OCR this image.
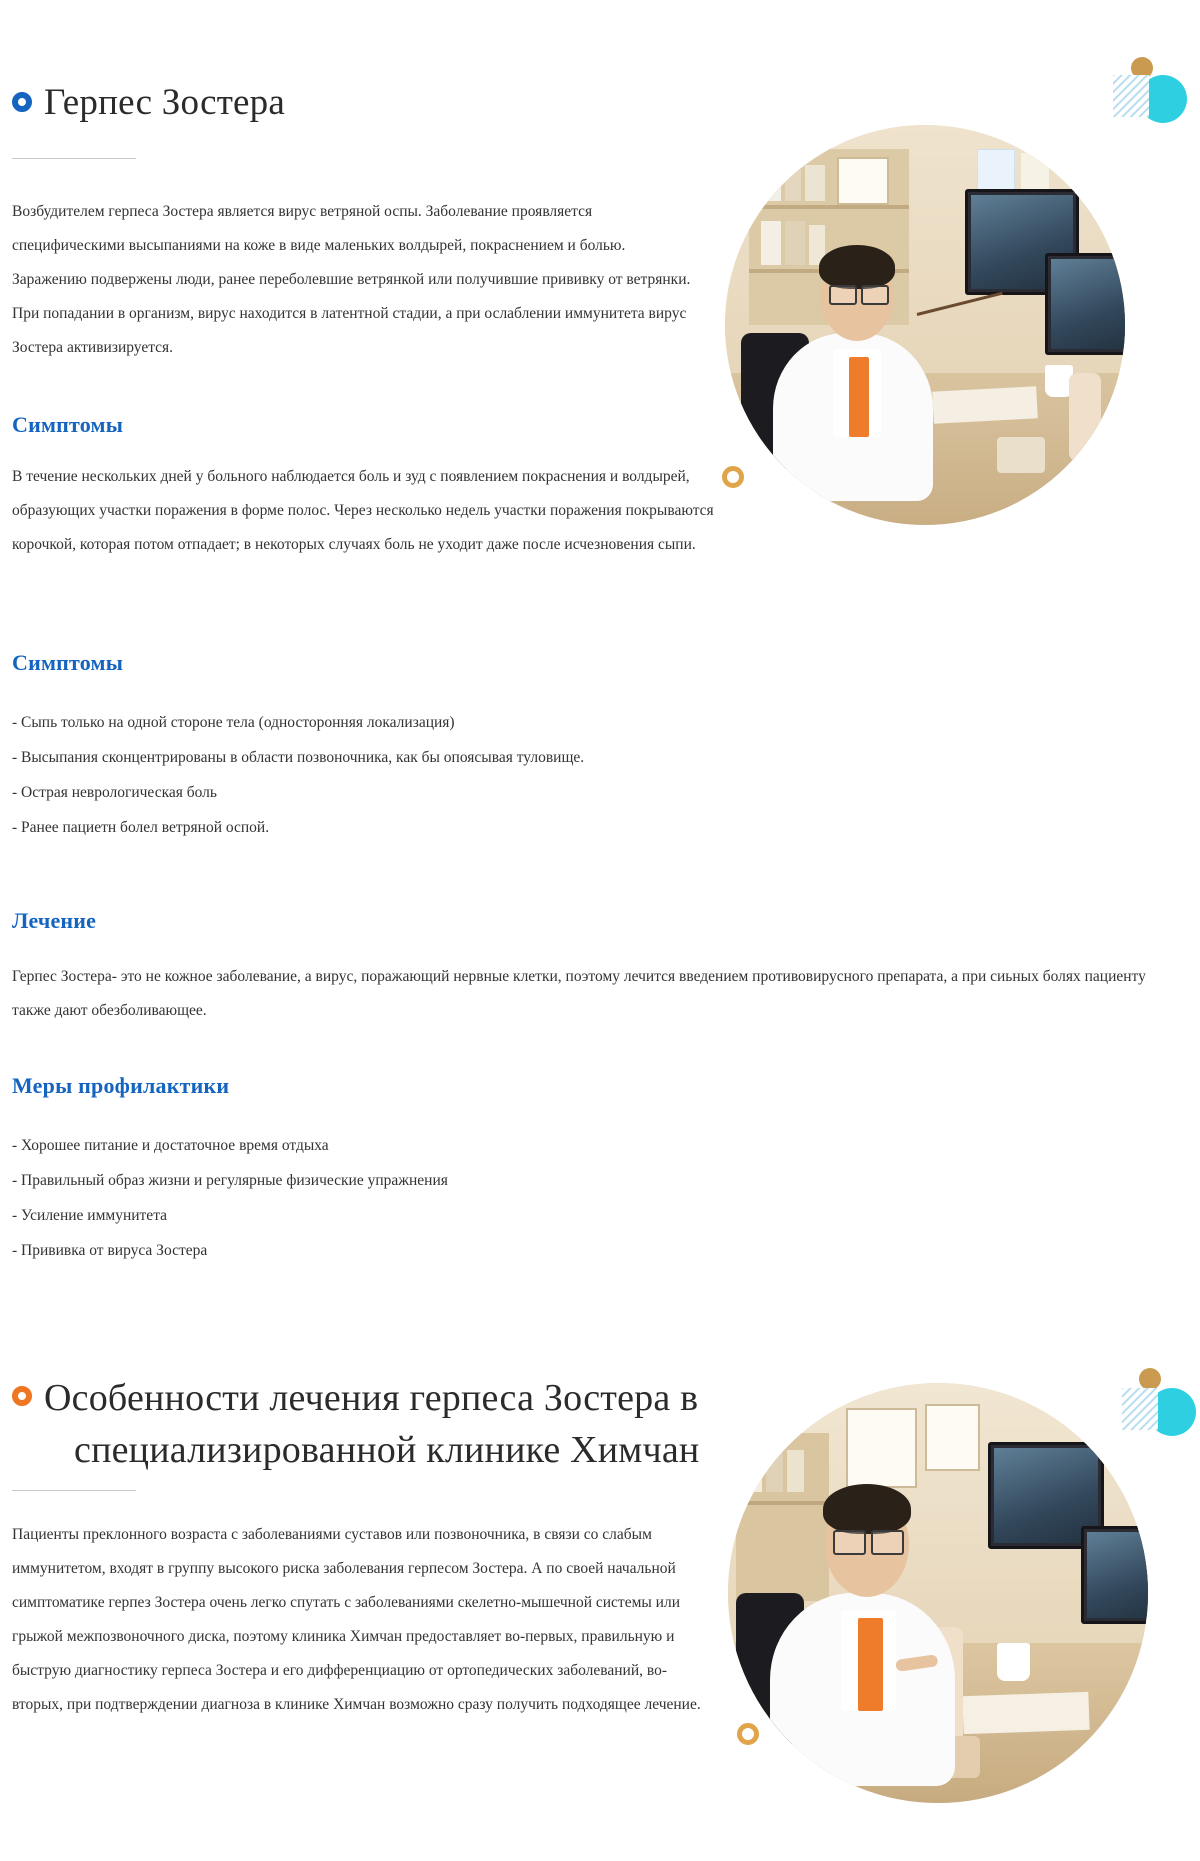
Герпес Зостера
Возбудителем герпеса Зостера является вирус ветряной оспы. Заболевание проявляется специфическими высыпаниями на коже в виде маленьких волдырей, покраснением и болью. Заражению подвержены люди, ранее переболевшие ветрянкой или получившие прививку от ветрянки. При попадании в организм, вирус находится в латентной стадии, а при ослаблении иммунитета вирус Зостера активизируется.
Симптомы
В течение нескольких дней у больного наблюдается боль и зуд с появлением покраснения и волдырей, образующих участки поражения в форме полос. Через несколько недель участки поражения покрываются корочкой, которая потом отпадает; в некоторых случаях боль не уходит даже после исчезновения сыпи.
Симптомы
- Сыпь только на одной стороне тела (односторонняя локализация)
- Высыпания сконцентрированы в области позвоночника, как бы опоясывая туловище.
- Острая неврологическая боль
- Ранее пациетн болел ветряной оспой.
Лечение
Герпес Зостера- это не кожное заболевание, а вирус, поражающий нервные клетки, поэтому лечится введением противовирусного препарата, а при сиьных болях пациенту также дают обезболивающее.
Меры профилактики
- Хорошее питание и достаточное время отдыха
- Правильный образ жизни и регулярные физические упражнения
- Усиление иммунитета
- Прививка от вируса Зостера
Особенности лечения герпеса Зостера в
специализированной клинике Химчан
Пациенты преклонного возраста с заболеваниями суставов или позвоночника, в связи со слабым иммунитетом, входят в группу высокого риска заболевания герпесом Зостера. А по своей начальной симптоматике герпез Зостера очень легко спутать с заболеваниями скелетно-мышечной системы или грыжой межпозвоночного диска, поэтому клиника Химчан предоставляет во-первых, правильную и быструю диагностику герпеса Зостера и его дифференциацию от ортопедических заболеваний, во-вторых, при подтверждении диагноза в клинике Химчан возможно сразу получить подходящее лечение.
